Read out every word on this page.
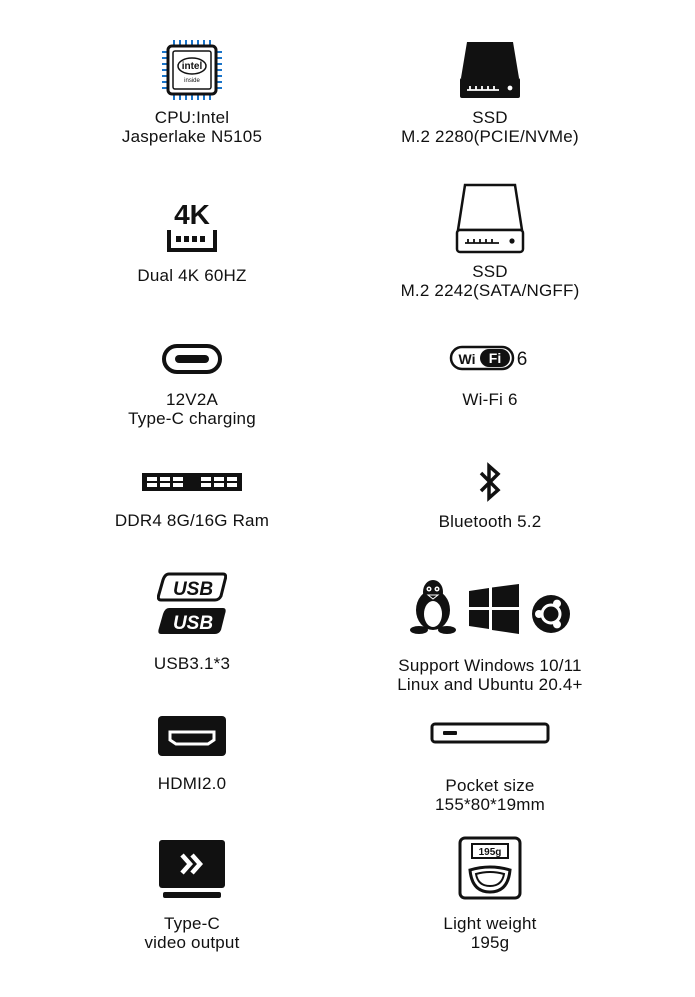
intel
inside
CPU:Intel
Jasperlake N5105
SSD
M.2 2280(PCIE/NVMe)
4K
Dual 4K 60HZ	SSD
M.2 2242(SATA/NGFF)
12V2A
Type-C charging
Wi Fi 6
Wi-Fi 6
DDR4 8G/16G Ram	Bluetooth 5.2
USB
USB
USB3.1*3	Support Windows 10/11
Linux and Ubuntu 20.4+
HDMI2.0	Pocket size
155*80*19mm
Type-C
video output
195g
Light weight
195g
